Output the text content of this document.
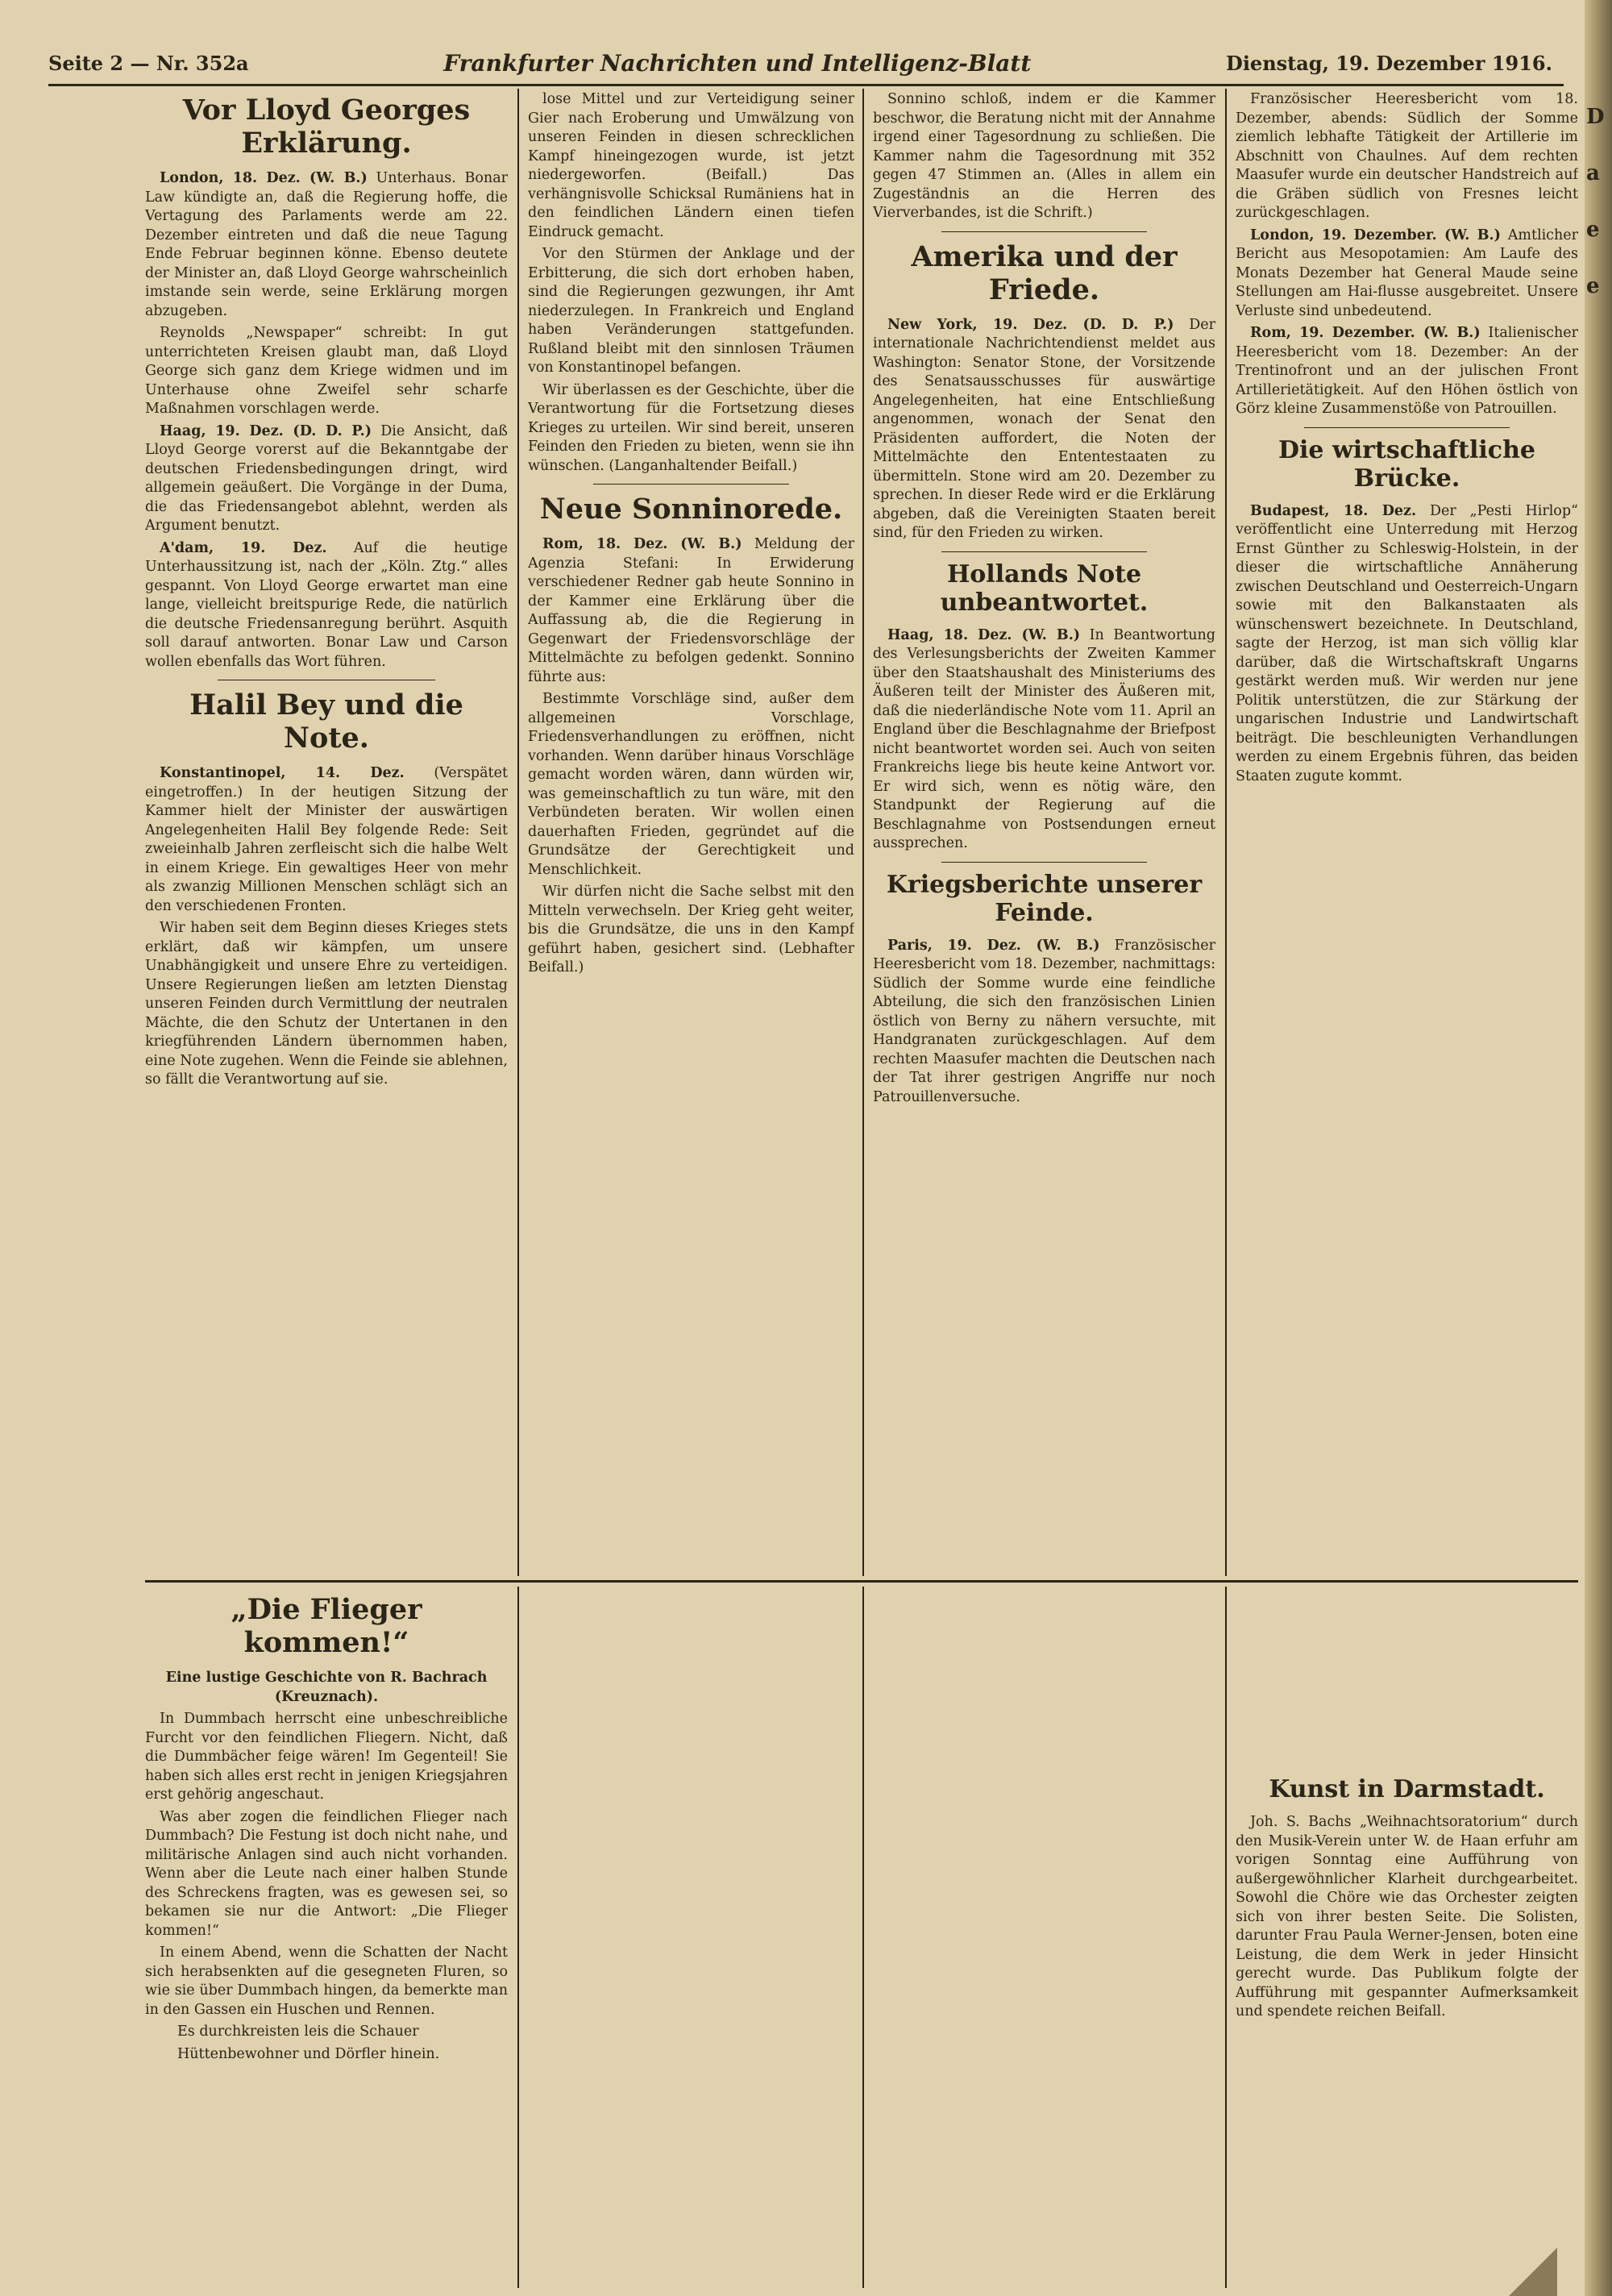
Seite 2 — Nr. 352a	Frankfurter Nachrichten und Intelligenz-Blatt	Dienstag, 19. Dezember 1916.
Vor Lloyd Georges Erklärung.

London, 18. Dez. (W. B.) Unterhaus. Bonar Law kündigte an, daß die Regierung hoffe, die Vertagung des Parlaments werde am 22. Dezember eintreten und daß die neue Tagung Ende Februar beginnen könne. Ebenso deutete der Minister an, daß Lloyd George wahrscheinlich imstande sein werde, seine Erklärung morgen abzugeben.

Reynolds „Newspaper“ schreibt: In gut unterrichteten Kreisen glaubt man, daß Lloyd George sich ganz dem Kriege widmen und im Unterhause ohne Zweifel sehr scharfe Maßnahmen vorschlagen werde.

Haag, 19. Dez. (D. D. P.) Die Ansicht, daß Lloyd George vorerst auf die Bekanntgabe der deutschen Friedensbedingungen dringt, wird allgemein geäußert. Die Vorgänge in der Duma, die das Friedensangebot ablehnt, werden als Argument benutzt.

A'dam, 19. Dez. Auf die heutige Unterhaussitzung ist, nach der „Köln. Ztg.“ alles gespannt. Von Lloyd George erwartet man eine lange, vielleicht breitspurige Rede, die natürlich die deutsche Friedensanregung berührt. Asquith soll darauf antworten. Bonar Law und Carson wollen ebenfalls das Wort führen.

Halil Bey und die Note.

Konstantinopel, 14. Dez. (Verspätet eingetroffen.) In der heutigen Sitzung der Kammer hielt der Minister der auswärtigen Angelegenheiten Halil Bey folgende Rede: Seit zweieinhalb Jahren zerfleischt sich die halbe Welt in einem Kriege. Ein gewaltiges Heer von mehr als zwanzig Millionen Menschen schlägt sich an den verschiedenen Fronten.

Wir haben seit dem Beginn dieses Krieges stets erklärt, daß wir kämpfen, um unsere Unabhängigkeit und unsere Ehre zu verteidigen. Unsere Regierungen ließen am letzten Dienstag unseren Feinden durch Vermittlung der neutralen Mächte, die den Schutz der Untertanen in den kriegführenden Ländern übernommen haben, eine Note zugehen. Wenn die Feinde sie ablehnen, so fällt die Verantwortung auf sie.

lose Mittel und zur Verteidigung seiner Gier nach Eroberung und Umwälzung von unseren Feinden in diesen schrecklichen Kampf hineingezogen wurde, ist jetzt niedergeworfen. (Beifall.) Das verhängnisvolle Schicksal Rumäniens hat in den feindlichen Ländern einen tiefen Eindruck gemacht.

Vor den Stürmen der Anklage und der Erbitterung, die sich dort erhoben haben, sind die Regierungen gezwungen, ihr Amt niederzulegen. In Frankreich und England haben Veränderungen stattgefunden. Rußland bleibt mit den sinnlosen Träumen von Konstantinopel befangen.

Wir überlassen es der Geschichte, über die Verantwortung für die Fortsetzung dieses Krieges zu urteilen. Wir sind bereit, unseren Feinden den Frieden zu bieten, wenn sie ihn wünschen. (Langanhaltender Beifall.)

Neue Sonninorede.

Rom, 18. Dez. (W. B.) Meldung der Agenzia Stefani: In Erwiderung verschiedener Redner gab heute Sonnino in der Kammer eine Erklärung über die Auffassung ab, die die Regierung in Gegenwart der Friedensvorschläge der Mittelmächte zu befolgen gedenkt. Sonnino führte aus:

Bestimmte Vorschläge sind, außer dem allgemeinen Vorschlage, Friedensverhandlungen zu eröffnen, nicht vorhanden. Wenn darüber hinaus Vorschläge gemacht worden wären, dann würden wir, was gemeinschaftlich zu tun wäre, mit den Verbündeten beraten. Wir wollen einen dauerhaften Frieden, gegründet auf die Grundsätze der Gerechtigkeit und Menschlichkeit.

Wir dürfen nicht die Sache selbst mit den Mitteln verwechseln. Der Krieg geht weiter, bis die Grundsätze, die uns in den Kampf geführt haben, gesichert sind. (Lebhafter Beifall.)

Sonnino schloß, indem er die Kammer beschwor, die Beratung nicht mit der Annahme irgend einer Tagesordnung zu schließen. Die Kammer nahm die Tagesordnung mit 352 gegen 47 Stimmen an. (Alles in allem ein Zugeständnis an die Herren des Vierverbandes, ist die Schrift.)

Amerika und der Friede.

New York, 19. Dez. (D. D. P.) Der internationale Nachrichtendienst meldet aus Washington: Senator Stone, der Vorsitzende des Senatsausschusses für auswärtige Angelegenheiten, hat eine Entschließung angenommen, wonach der Senat den Präsidenten auffordert, die Noten der Mittelmächte den Ententestaaten zu übermitteln. Stone wird am 20. Dezember zu sprechen. In dieser Rede wird er die Erklärung abgeben, daß die Vereinigten Staaten bereit sind, für den Frieden zu wirken.

Hollands Note unbeantwortet.

Haag, 18. Dez. (W. B.) In Beantwortung des Verlesungsberichts der Zweiten Kammer über den Staatshaushalt des Ministeriums des Äußeren teilt der Minister des Äußeren mit, daß die niederländische Note vom 11. April an England über die Beschlagnahme der Briefpost nicht beantwortet worden sei. Auch von seiten Frankreichs liege bis heute keine Antwort vor. Er wird sich, wenn es nötig wäre, den Standpunkt der Regierung auf die Beschlagnahme von Postsendungen erneut aussprechen.

Kriegsberichte unserer Feinde.

Paris, 19. Dez. (W. B.) Französischer Heeresbericht vom 18. Dezember, nachmittags: Südlich der Somme wurde eine feindliche Abteilung, die sich den französischen Linien östlich von Berny zu nähern versuchte, mit Handgranaten zurückgeschlagen. Auf dem rechten Maasufer machten die Deutschen nach der Tat ihrer gestrigen Angriffe nur noch Patrouillenversuche.

Französischer Heeresbericht vom 18. Dezember, abends: Südlich der Somme ziemlich lebhafte Tätigkeit der Artillerie im Abschnitt von Chaulnes. Auf dem rechten Maasufer wurde ein deutscher Handstreich auf die Gräben südlich von Fresnes leicht zurückgeschlagen.

London, 19. Dezember. (W. B.) Amtlicher Bericht aus Mesopotamien: Am Laufe des Monats Dezember hat General Maude seine Stellungen am Hai-flusse ausgebreitet. Unsere Verluste sind unbedeutend.

Rom, 19. Dezember. (W. B.) Italienischer Heeresbericht vom 18. Dezember: An der Trentinofront und an der julischen Front Artillerietätigkeit. Auf den Höhen östlich von Görz kleine Zusammenstöße von Patrouillen.

Die wirtschaftliche Brücke.

Budapest, 18. Dez. Der „Pesti Hirlop“ veröffentlicht eine Unterredung mit Herzog Ernst Günther zu Schleswig-Holstein, in der dieser die wirtschaftliche Annäherung zwischen Deutschland und Oesterreich-Ungarn sowie mit den Balkanstaaten als wünschenswert bezeichnete. In Deutschland, sagte der Herzog, ist man sich völlig klar darüber, daß die Wirtschaftskraft Ungarns gestärkt werden muß. Wir werden nur jene Politik unterstützen, die zur Stärkung der ungarischen Industrie und Landwirtschaft beiträgt. Die beschleunigten Verhandlungen werden zu einem Ergebnis führen, das beiden Staaten zugute kommt.

„Die Flieger kommen!“

Eine lustige Geschichte von R. Bachrach (Kreuznach).

In Dummbach herrscht eine unbeschreibliche Furcht vor den feindlichen Fliegern. Nicht, daß die Dummbächer feige wären! Im Gegenteil! Sie haben sich alles erst recht in jenigen Kriegsjahren erst gehörig angeschaut.

Was aber zogen die feindlichen Flieger nach Dummbach? Die Festung ist doch nicht nahe, und militärische Anlagen sind auch nicht vorhanden. Wenn aber die Leute nach einer halben Stunde des Schreckens fragten, was es gewesen sei, so bekamen sie nur die Antwort: „Die Flieger kommen!“

In einem Abend, wenn die Schatten der Nacht sich herabsenkten auf die gesegneten Fluren, so wie sie über Dummbach hingen, da bemerkte man in den Gassen ein Huschen und Rennen.

Es durchkreisten leis die Schauer

Hüttenbewohner und Dörfler hinein.

Kunst in Darmstadt.

Joh. S. Bachs „Weihnachtsoratorium“ durch den Musik-Verein unter W. de Haan erfuhr am vorigen Sonntag eine Aufführung von außergewöhnlicher Klarheit durchgearbeitet. Sowohl die Chöre wie das Orchester zeigten sich von ihrer besten Seite. Die Solisten, darunter Frau Paula Werner-Jensen, boten eine Leistung, die dem Werk in jeder Hinsicht gerecht wurde. Das Publikum folgte der Aufführung mit gespannter Aufmerksamkeit und spendete reichen Beifall.

D
a
e
e
